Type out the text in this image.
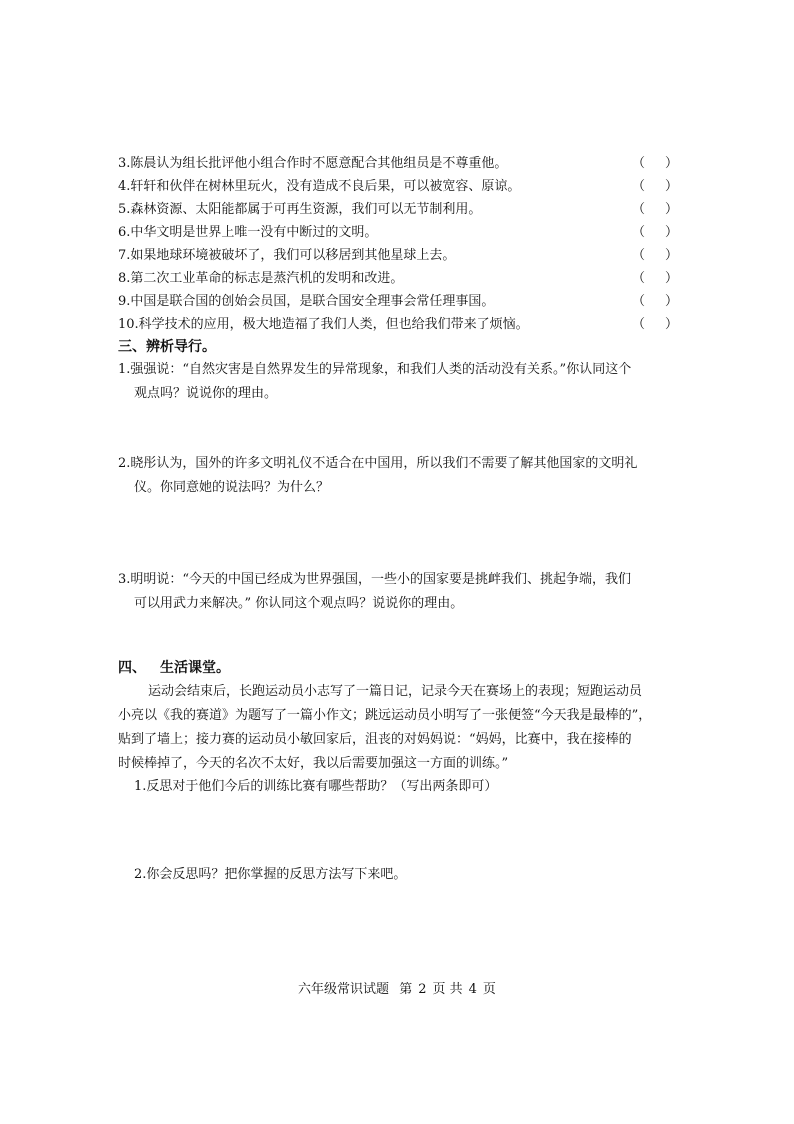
3.陈晨认为组长批评他小组合作时不愿意配合其他组员是不尊重他。	（ ）
4.轩轩和伙伴在树林里玩火，没有造成不良后果，可以被宽容、原谅。	（ ）
5.森林资源、太阳能都属于可再生资源，我们可以无节制利用。	（ ）
6.中华文明是世界上唯一没有中断过的文明。	（ ）
7.如果地球环境被破坏了，我们可以移居到其他星球上去。	（ ）
8.第二次工业革命的标志是蒸汽机的发明和改进。	（ ）
9.中国是联合国的创始会员国，是联合国安全理事会常任理事国。	（ ）
10.科学技术的应用，极大地造福了我们人类，但也给我们带来了烦恼。	（ ）
三、辨析导行。
1.强强说：“自然灾害是自然界发生的异常现象，和我们人类的活动没有关系。”你认同这个
观点吗？说说你的理由。
2.晓彤认为，国外的许多文明礼仪不适合在中国用，所以我们不需要了解其他国家的文明礼
仪。你同意她的说法吗？为什么？
3.明明说：“今天的中国已经成为世界强国，一些小的国家要是挑衅我们、挑起争端，我们
可以用武力来解决。” 你认同这个观点吗？说说你的理由。
四、 生活课堂。
运动会结束后，长跑运动员小志写了一篇日记，记录今天在赛场上的表现；短跑运动员
小亮以《我的赛道》为题写了一篇小作文；跳远运动员小明写了一张便签“今天我是最棒的”，
贴到了墙上；接力赛的运动员小敏回家后，沮丧的对妈妈说：“妈妈，比赛中，我在接棒的
时候棒掉了，今天的名次不太好，我以后需要加强这一方面的训练。”
1.反思对于他们今后的训练比赛有哪些帮助？（写出两条即可）
2.你会反思吗？把你掌握的反思方法写下来吧。
六年级常识试题 第 2 页 共 4 页
